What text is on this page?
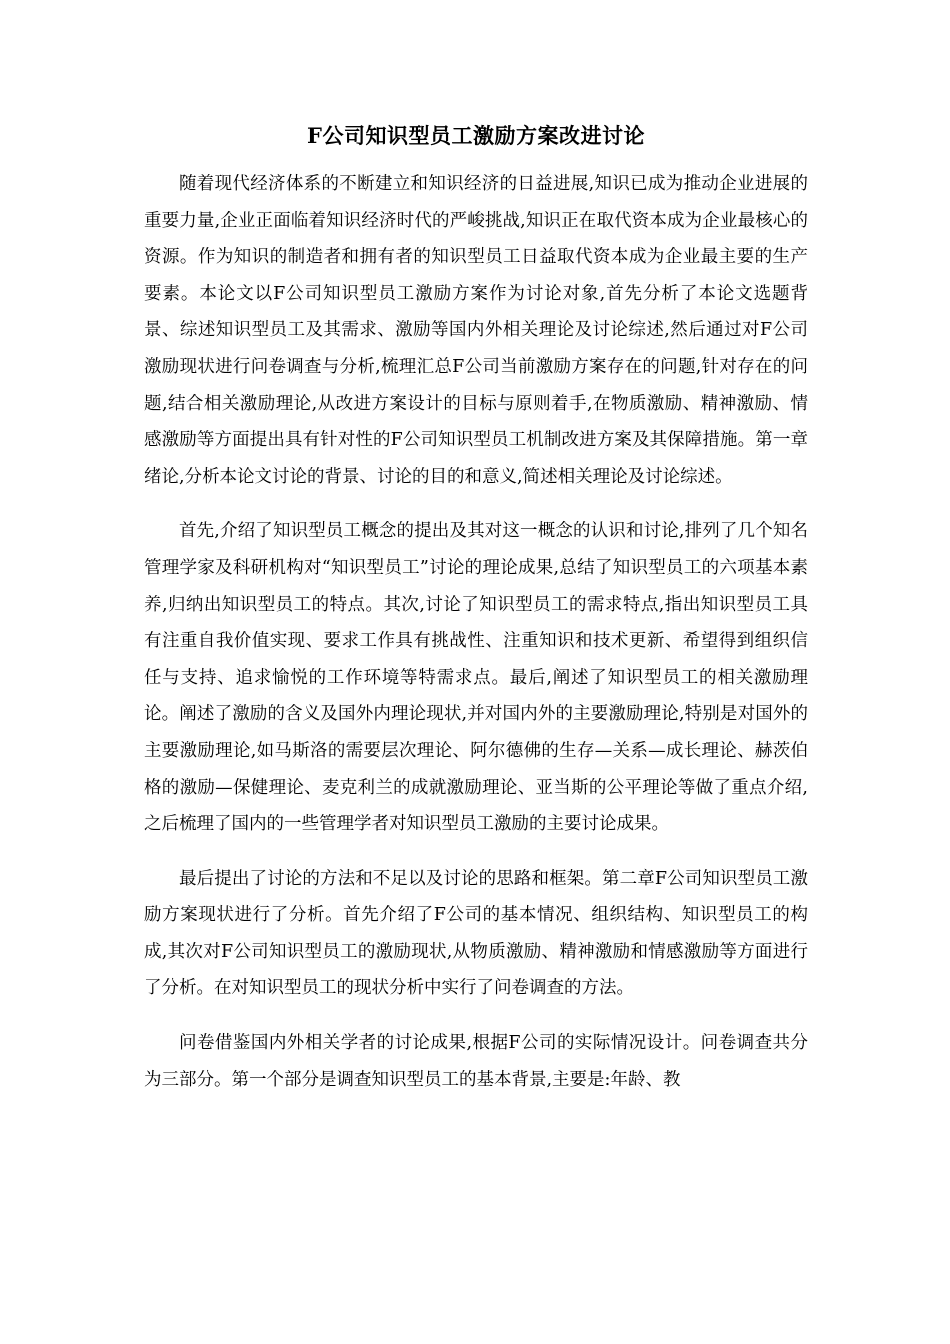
F公司知识型员工激励方案改进讨论

随着现代经济体系的不断建立和知识经济的日益进展,知识已成为推动企业进展的重要力量,企业正面临着知识经济时代的严峻挑战,知识正在取代资本成为企业最核心的资源。作为知识的制造者和拥有者的知识型员工日益取代资本成为企业最主要的生产要素。本论文以F公司知识型员工激励方案作为讨论对象,首先分析了本论文选题背景、综述知识型员工及其需求、激励等国内外相关理论及讨论综述,然后通过对F公司激励现状进行问卷调查与分析,梳理汇总F公司当前激励方案存在的问题,针对存在的问题,结合相关激励理论,从改进方案设计的目标与原则着手,在物质激励、精神激励、情感激励等方面提出具有针对性的F公司知识型员工机制改进方案及其保障措施。第一章绪论,分析本论文讨论的背景、讨论的目的和意义,简述相关理论及讨论综述。

首先,介绍了知识型员工概念的提出及其对这一概念的认识和讨论,排列了几个知名管理学家及科研机构对“知识型员工”讨论的理论成果,总结了知识型员工的六项基本素养,归纳出知识型员工的特点。其次,讨论了知识型员工的需求特点,指出知识型员工具有注重自我价值实现、要求工作具有挑战性、注重知识和技术更新、希望得到组织信任与支持、追求愉悦的工作环境等特需求点。最后,阐述了知识型员工的相关激励理论。阐述了激励的含义及国外内理论现状,并对国内外的主要激励理论,特别是对国外的主要激励理论,如马斯洛的需要层次理论、阿尔德佛的生存—关系—成长理论、赫茨伯格的激励—保健理论、麦克利兰的成就激励理论、亚当斯的公平理论等做了重点介绍,之后梳理了国内的一些管理学者对知识型员工激励的主要讨论成果。

最后提出了讨论的方法和不足以及讨论的思路和框架。第二章F公司知识型员工激励方案现状进行了分析。首先介绍了F公司的基本情况、组织结构、知识型员工的构成,其次对F公司知识型员工的激励现状,从物质激励、精神激励和情感激励等方面进行了分析。在对知识型员工的现状分析中实行了问卷调查的方法。

问卷借鉴国内外相关学者的讨论成果,根据F公司的实际情况设计。问卷调查共分为三部分。第一个部分是调查知识型员工的基本背景,主要是:年龄、教
